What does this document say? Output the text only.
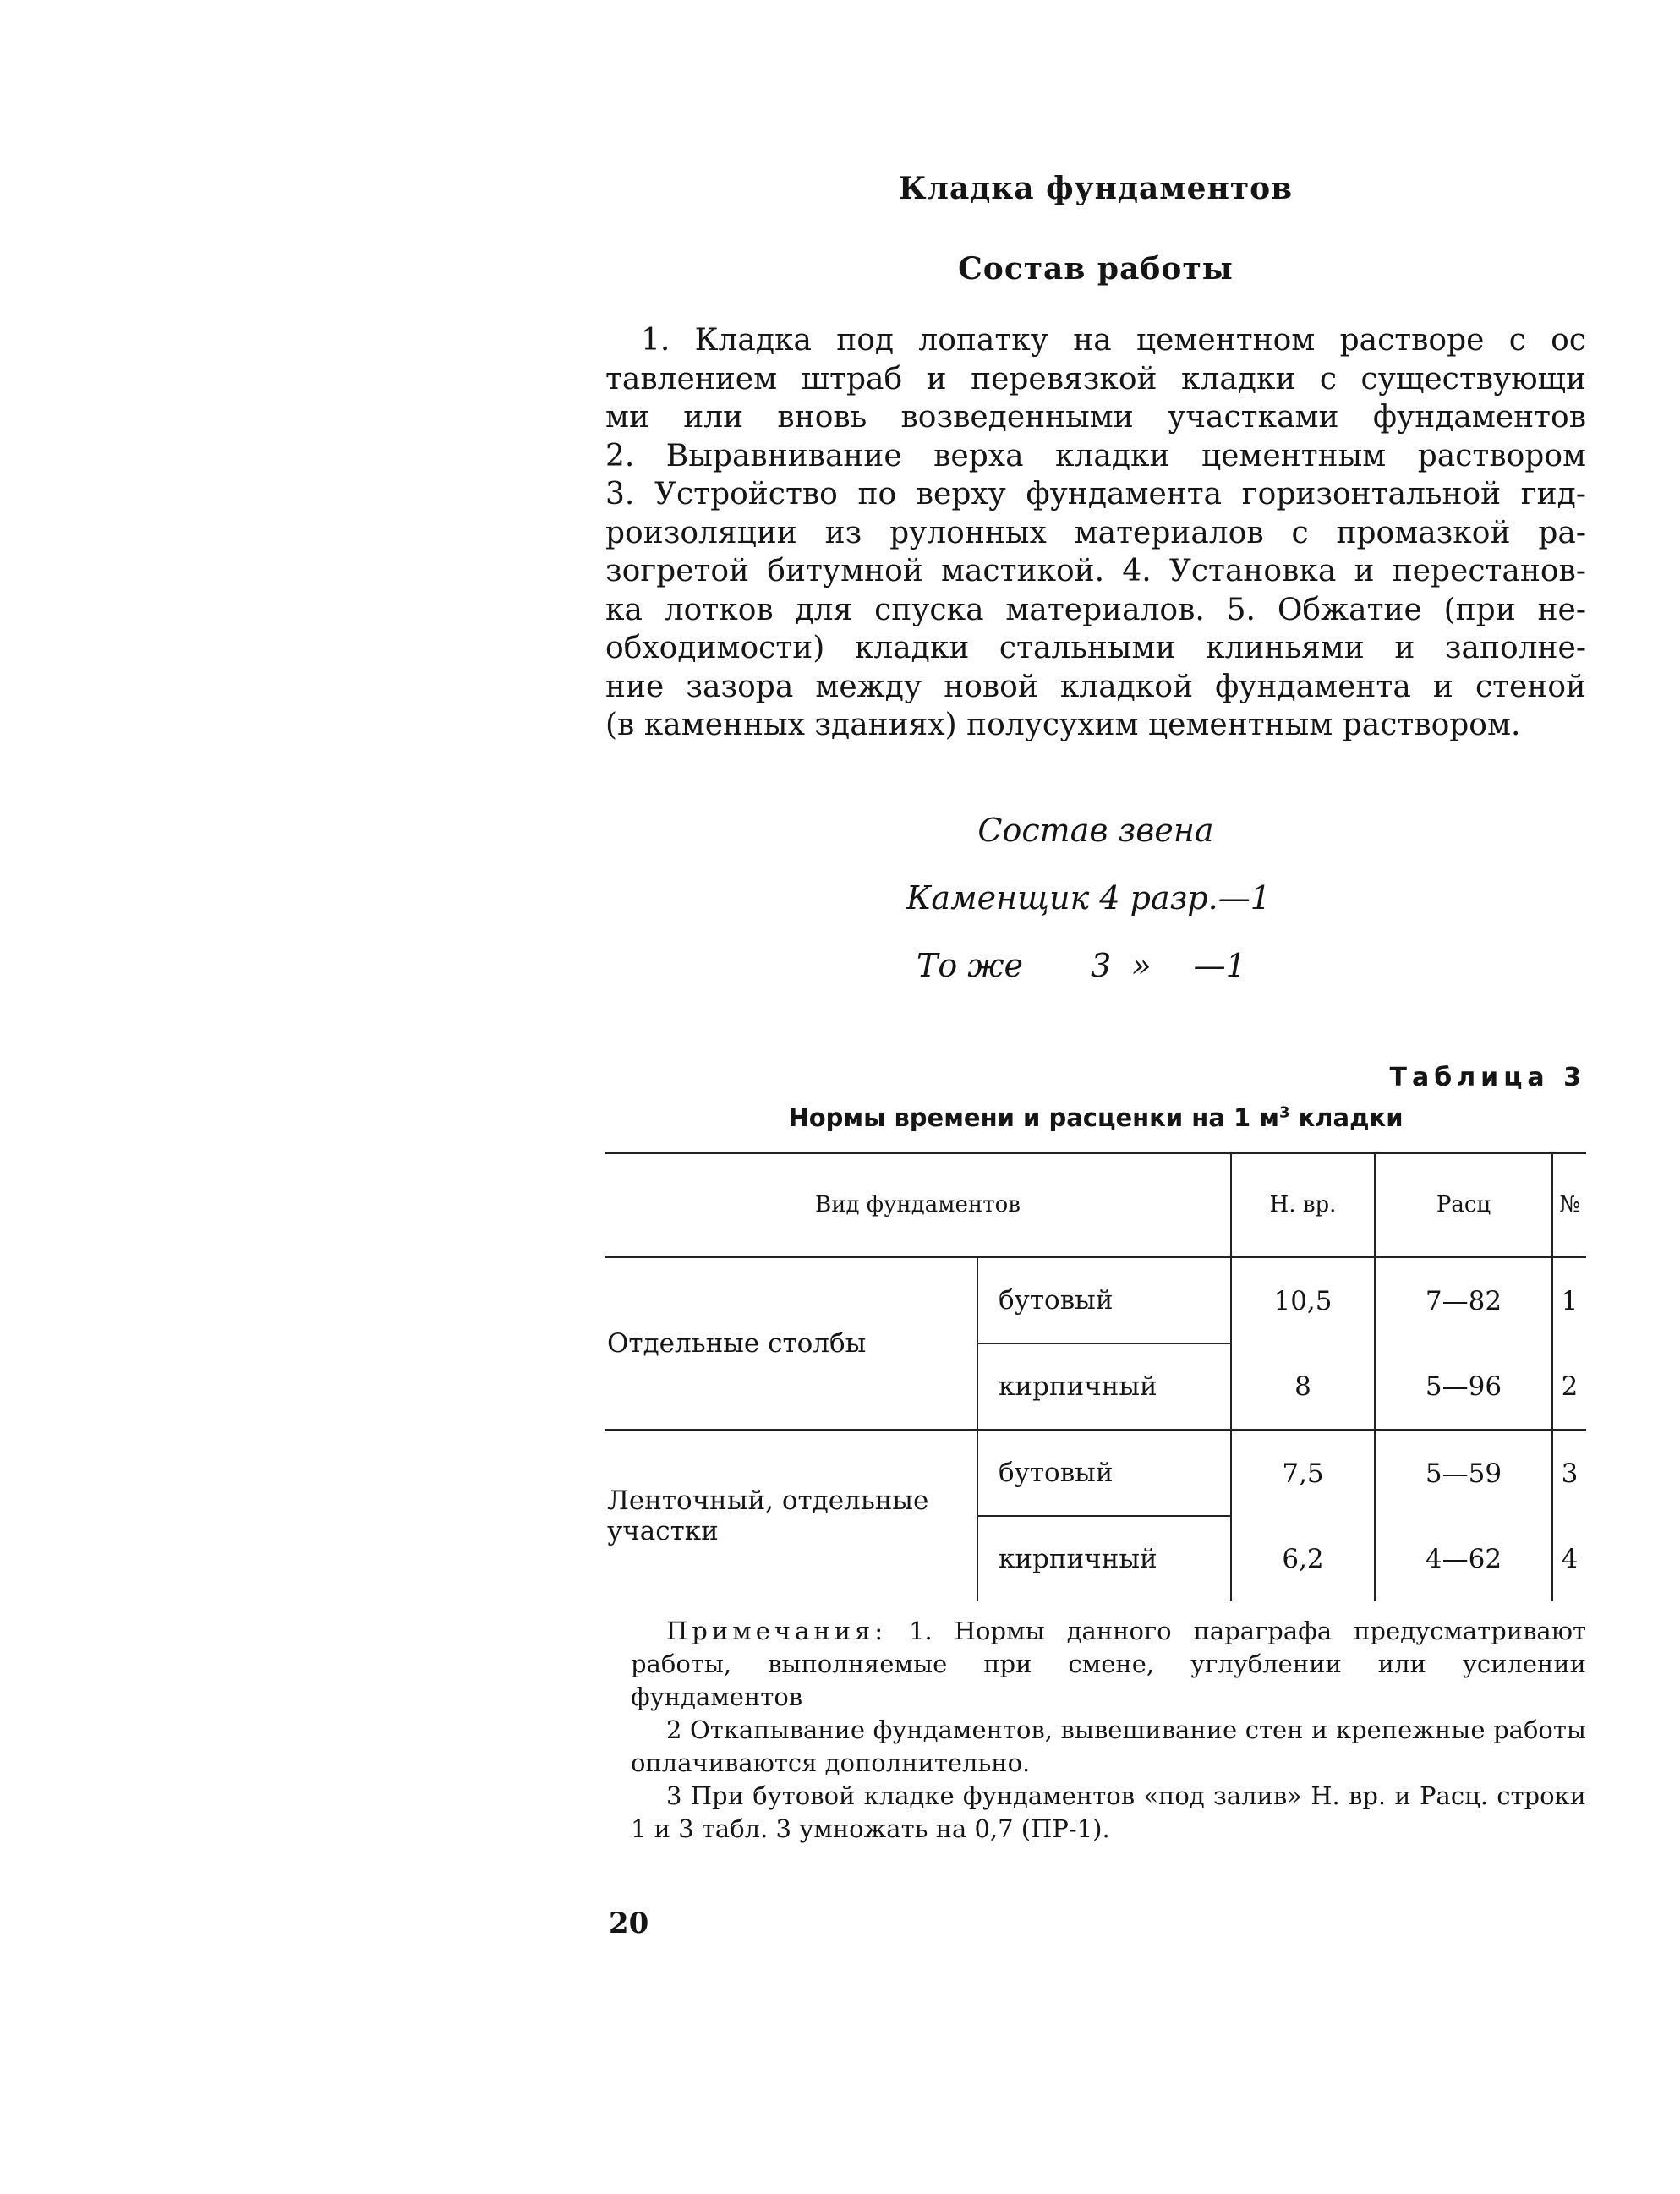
Кладка фундаментов
Состав работы
1. Кладка под лопатку на цементном растворе с ос
тавлением штраб и перевязкой кладки с существующи
ми или вновь возведенными участками фундаментов
2. Выравнивание верха кладки цементным раствором
3. Устройство по верху фундамента горизонтальной гид-
роизоляции из рулонных материалов с промазкой ра-
зогретой битумной мастикой. 4. Установка и перестанов-
ка лотков для спуска материалов. 5. Обжатие (при не-
обходимости) кладки стальными клиньями и заполне-
ние зазора между новой кладкой фундамента и стеной
(в каменных зданиях) полусухим цементным раствором.
Состав звена
Каменщик 4 разр.—1
То же 3 » —1
Таблица 3
Нормы времени и расценки на 1 $м^3$ кладки
Вид фундаментов		Н. вр.	Расц	№
Отдельные столбы	бутовый	10,5	7—82	1
	кирпичный	8	5—96	2
Ленточный, отдельные участки	бутовый	7,5	5—59	3
	кирпичный	6,2	4—62	4

Примечания: 1. Нормы данного параграфа предусматривают работы, выполняемые при смене, углублении или усилении фундаментов

2 Откапывание фундаментов, вывешивание стен и крепежные работы оплачиваются дополнительно.

3 При бутовой кладке фундаментов «под залив» Н. вр. и Расц. строки 1 и 3 табл. 3 умножать на 0,7 (ПР-1).

20
